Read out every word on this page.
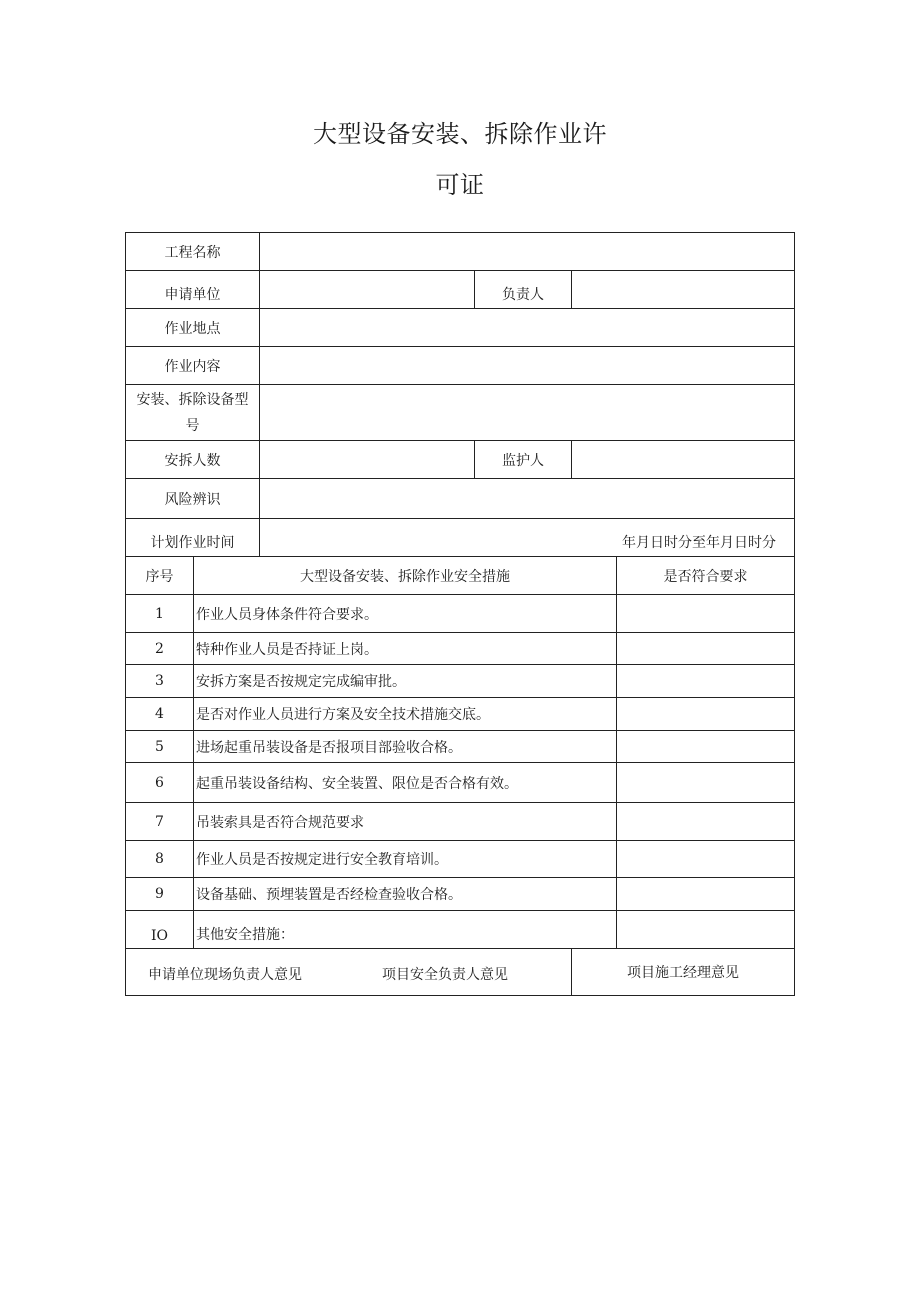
大型设备安装、拆除作业许
可证
工程名称
申请单位	负责人
作业地点
作业内容
安装、拆除设备型
号
安拆人数	监护人
风险辨识
计划作业时间	年月日时分至年月日时分
序号	大型设备安装、拆除作业安全措施	是否符合要求
1	作业人员身体条件符合要求。
2	特种作业人员是否持证上岗。
3	安拆方案是否按规定完成编审批。
4	是否对作业人员进行方案及安全技术措施交底。
5	进场起重吊装设备是否报项目部验收合格。
6	起重吊装设备结构、安全装置、限位是否合格有效。
7	吊装索具是否符合规范要求
8	作业人员是否按规定进行安全教育培训。
9	设备基础、预埋装置是否经检查验收合格。
IO	其他安全措施：
申请单位现场负责人意见	项目安全负责人意见	项目施工经理意见
